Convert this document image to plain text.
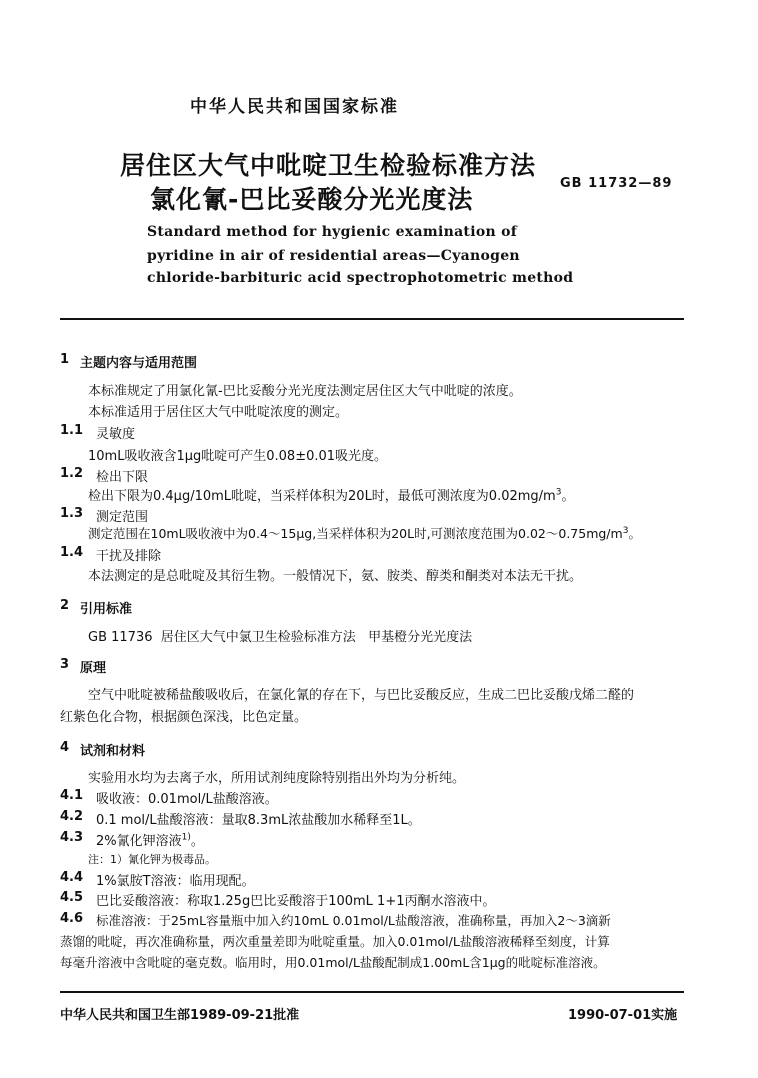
中华人民共和国国家标准
居住区大气中吡啶卫生检验标准方法
氯化氰-巴比妥酸分光光度法
GB 11732—89
Standard method for hygienic examination of
pyridine in air of residential areas—Cyanogen
chloride-barbituric acid spectrophotometric method
1 主题内容与适用范围
本标准规定了用氯化氰-巴比妥酸分光光度法测定居住区大气中吡啶的浓度。
本标准适用于居住区大气中吡啶浓度的测定。
1.1 灵敏度
10mL吸收液含1μg吡啶可产生0.08±0.01吸光度。
1.2 检出下限
检出下限为0.4μg/10mL吡啶，当采样体积为20L时，最低可测浓度为$0.02mg/m^3$。
1.3 测定范围
测定范围在10mL吸收液中为0.4～15μg,当采样体积为20L时,可测浓度范围为$0.02\sim 0.75mg/m^3$。
1.4 干扰及排除
本法测定的是总吡啶及其衍生物。一般情况下，氨、胺类、醇类和酮类对本法无干扰。
2 引用标准
GB 11736  居住区大气中氯卫生检验标准方法   甲基橙分光光度法
3 原理
空气中吡啶被稀盐酸吸收后，在氯化氰的存在下，与巴比妥酸反应，生成二巴比妥酸戊烯二醛的
红紫色化合物，根据颜色深浅，比色定量。
4 试剂和材料
实验用水均为去离子水，所用试剂纯度除特别指出外均为分析纯。
4.1 吸收液：0.01mol/L盐酸溶液。
4.2 0.1 mol/L盐酸溶液：量取8.3mL浓盐酸加水稀释至1L。
4.3 2%氰化钾溶液$^{1)}$。
注：1）氰化钾为极毒品。
4.4 1%氯胺T溶液：临用现配。
4.5 巴比妥酸溶液：称取1.25g巴比妥酸溶于100mL 1+1丙酮水溶液中。
4.6 标准溶液：于25mL容量瓶中加入约10mL 0.01mol/L盐酸溶液，准确称量，再加入2～3滴新
蒸馏的吡啶，再次准确称量，两次重量差即为吡啶重量。加入0.01mol/L盐酸溶液稀释至刻度，计算
每毫升溶液中含吡啶的毫克数。临用时，用0.01mol/L盐酸配制成1.00mL含1μg的吡啶标准溶液。
中华人民共和国卫生部1989-09-21批准	1990-07-01实施
